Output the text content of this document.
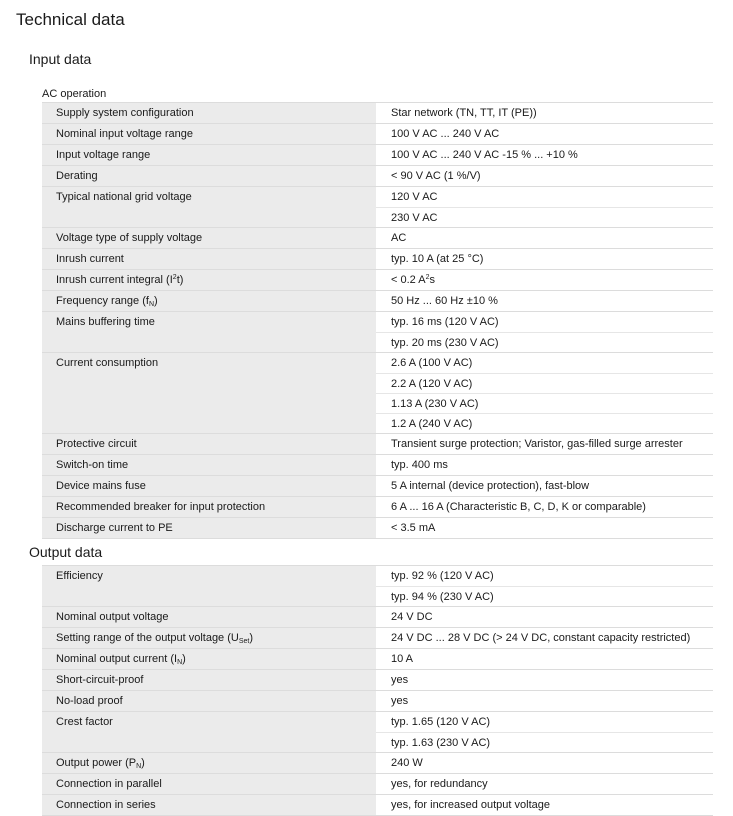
Technical data
Input data
AC operation
Supply system configuration	Star network (TN, TT, IT (PE))
Nominal input voltage range	100 V AC ... 240 V AC
Input voltage range	100 V AC ... 240 V AC -15 % ... +10 %
Derating	< 90 V AC (1 %/V)
Typical national grid voltage	120 V AC
230 V AC
Voltage type of supply voltage	AC
Inrush current	typ. 10 A (at 25 °C)
Inrush current integral $(I^2t)$	< 0.2 $A^2s$
Frequency range $(f_N)$	50 Hz ... 60 Hz ±10 %
Mains buffering time	typ. 16 ms (120 V AC)
typ. 20 ms (230 V AC)
Current consumption	2.6 A (100 V AC)
2.2 A (120 V AC)
1.13 A (230 V AC)
1.2 A (240 V AC)
Protective circuit	Transient surge protection; Varistor, gas-filled surge arrester
Switch-on time	typ. 400 ms
Device mains fuse	5 A internal (device protection), fast-blow
Recommended breaker for input protection	6 A ... 16 A (Characteristic B, C, D, K or comparable)
Discharge current to PE	< 3.5 mA
Output data
Efficiency	typ. 92 % (120 V AC)
typ. 94 % (230 V AC)
Nominal output voltage	24 V DC
Setting range of the output voltage $(U_{Set})$	24 V DC ... 28 V DC (> 24 V DC, constant capacity restricted)
Nominal output current $(I_N)$	10 A
Short-circuit-proof	yes
No-load proof	yes
Crest factor	typ. 1.65 (120 V AC)
typ. 1.63 (230 V AC)
Output power $(P_N)$	240 W
Connection in parallel	yes, for redundancy
Connection in series	yes, for increased output voltage
